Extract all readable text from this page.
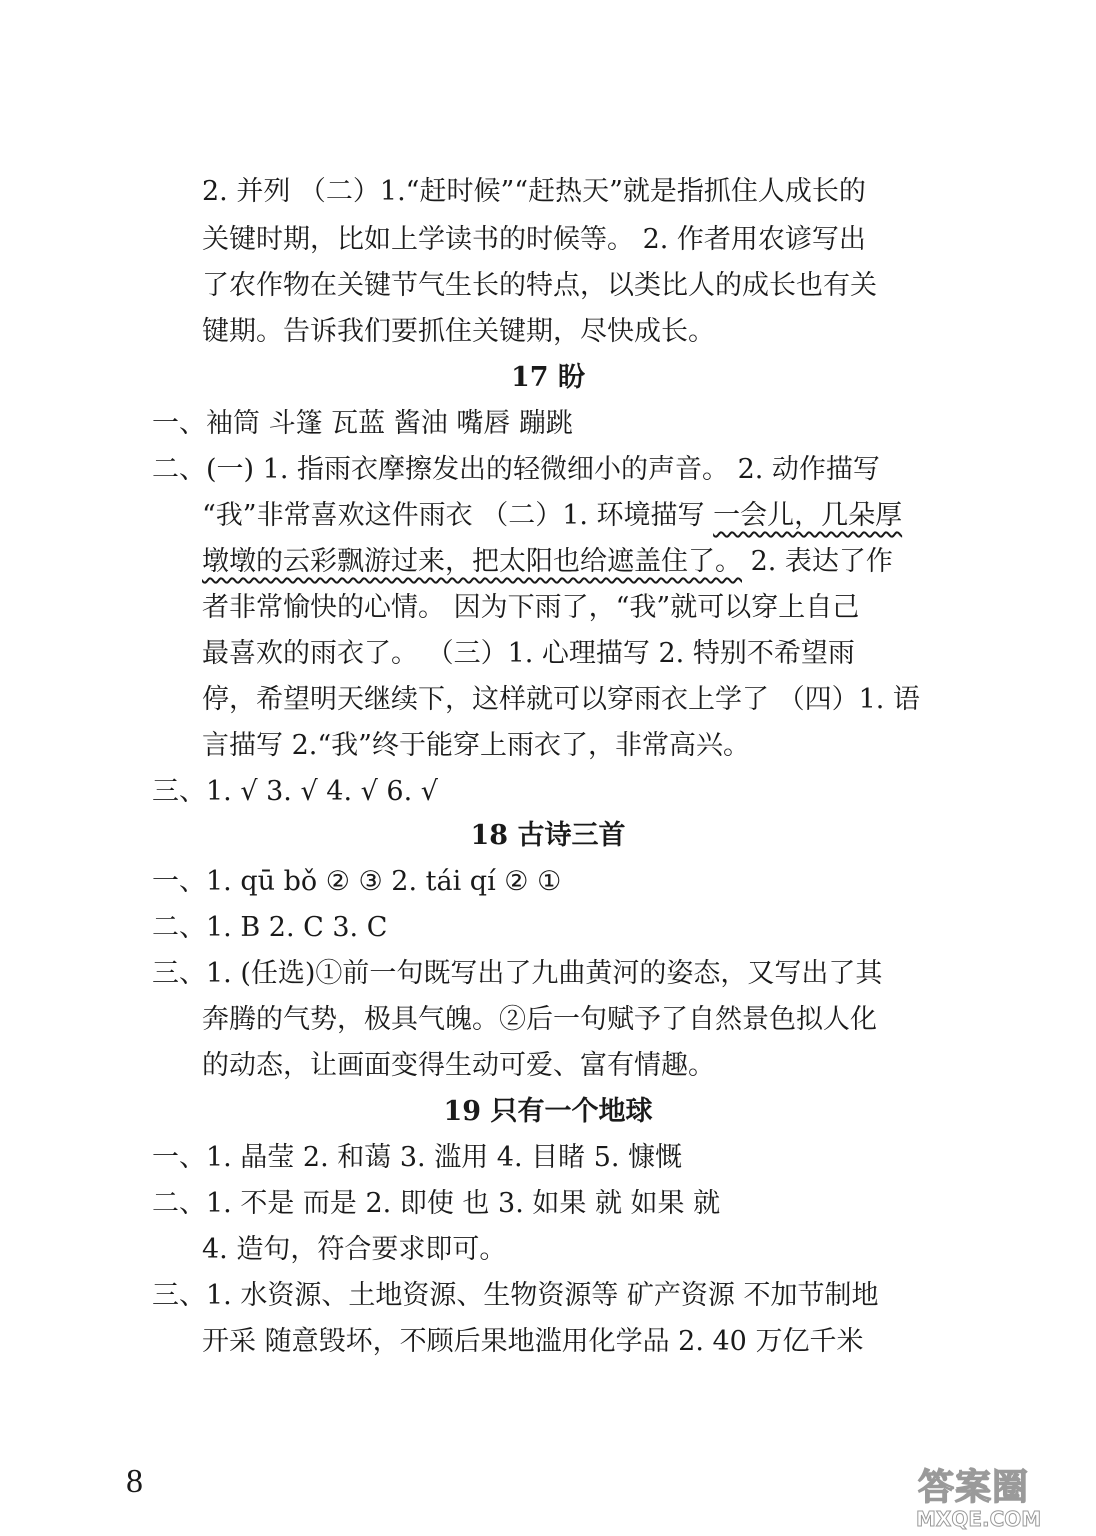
2. 并列 （二）1.“赶时候”“赶热天”就是指抓住人成长的

关键时期，比如上学读书的时候等。 2. 作者用农谚写出

了农作物在关键节气生长的特点，以类比人的成长也有关

键期。告诉我们要抓住关键期，尽快成长。

17 盼

一、袖筒 斗篷 瓦蓝 酱油 嘴唇 蹦跳

二、(一) 1. 指雨衣摩擦发出的轻微细小的声音。 2. 动作描写

“我”非常喜欢这件雨衣 （二）1. 环境描写 一会儿，几朵厚

墩墩的云彩飘游过来，把太阳也给遮盖住了。 2. 表达了作

者非常愉快的心情。 因为下雨了，“我”就可以穿上自己

最喜欢的雨衣了。 （三）1. 心理描写 2. 特别不希望雨

停，希望明天继续下，这样就可以穿雨衣上学了 （四）1. 语

言描写 2.“我”终于能穿上雨衣了，非常高兴。

三、1. √ 3. √ 4. √ 6. √

18 古诗三首

一、1. qū bǒ ② ③ 2. tái qí ② ①

二、1. B 2. C 3. C

三、1. (任选)①前一句既写出了九曲黄河的姿态，又写出了其

奔腾的气势，极具气魄。②后一句赋予了自然景色拟人化

的动态，让画面变得生动可爱、富有情趣。

19 只有一个地球

一、1. 晶莹 2. 和蔼 3. 滥用 4. 目睹 5. 慷慨

二、1. 不是 而是 2. 即使 也 3. 如果 就 如果 就

4. 造句，符合要求即可。

三、1. 水资源、土地资源、生物资源等 矿产资源 不加节制地

开采 随意毁坏，不顾后果地滥用化学品 2. 40 万亿千米

8	答案圈
MXQE.COM
